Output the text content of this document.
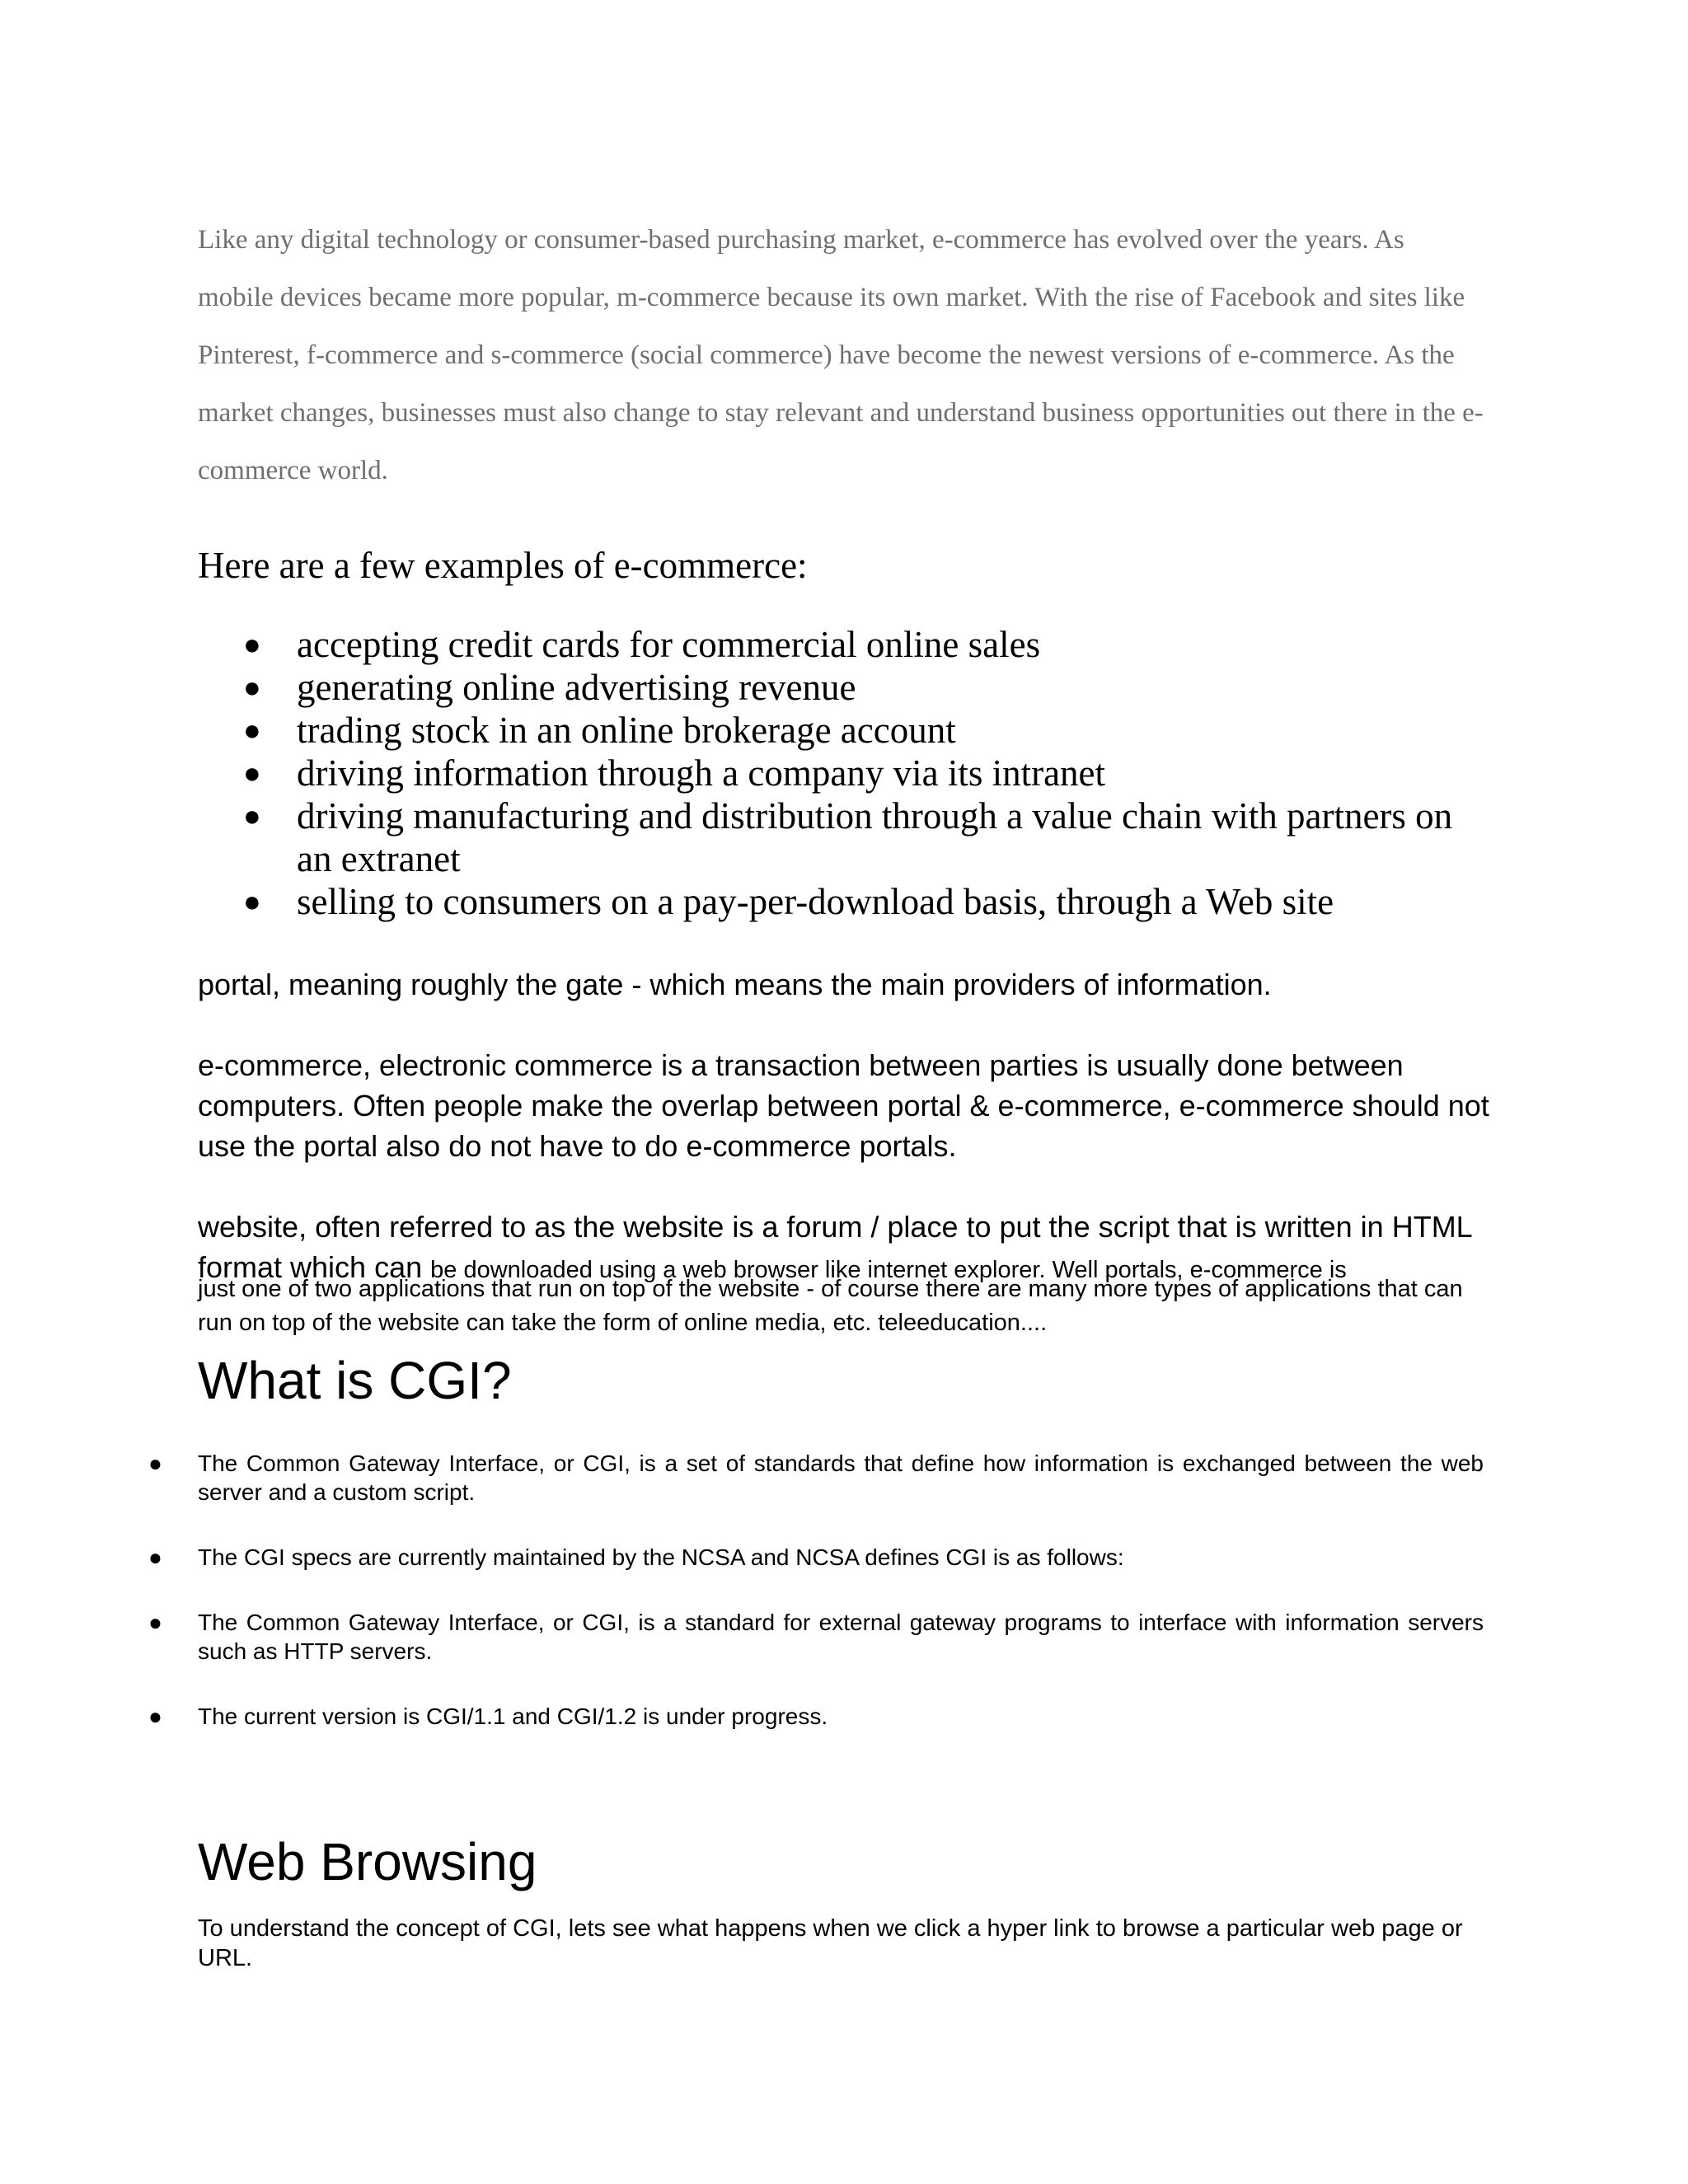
Like any digital technology or consumer-based purchasing market, e-commerce has evolved over the years. As mobile devices became more popular, m-commerce because its own market. With the rise of Facebook and sites like Pinterest, f-commerce and s-commerce (social commerce) have become the newest versions of e-commerce. As the market changes, businesses must also change to stay relevant and understand business opportunities out there in the e-commerce world.

Here are a few examples of e-commerce:
● accepting credit cards for commercial online sales
● generating online advertising revenue
● trading stock in an online brokerage account
● driving information through a company via its intranet
● driving manufacturing and distribution through a value chain with partners on an extranet
● selling to consumers on a pay-per-download basis, through a Web site

portal, meaning roughly the gate - which means the main providers of information.

e-commerce, electronic commerce is a transaction between parties is usually done between computers. Often people make the overlap between portal & e-commerce, e-commerce should not use the portal also do not have to do e-commerce portals.

website, often referred to as the website is a forum / place to put the script that is written in HTML format which can be downloaded using a web browser like internet explorer. Well portals, e-commerce is

just one of two applications that run on top of the website - of course there are many more types of applications that can run on top of the website can take the form of online media, etc. teleeducation....

What is CGI?
● The Common Gateway Interface, or CGI, is a set of standards that define how information is exchanged between the web server and a custom script.
● The CGI specs are currently maintained by the NCSA and NCSA defines CGI is as follows:
● The Common Gateway Interface, or CGI, is a standard for external gateway programs to interface with information servers such as HTTP servers.
● The current version is CGI/1.1 and CGI/1.2 is under progress.
Web Browsing

To understand the concept of CGI, lets see what happens when we click a hyper link to browse a particular web page or URL.
